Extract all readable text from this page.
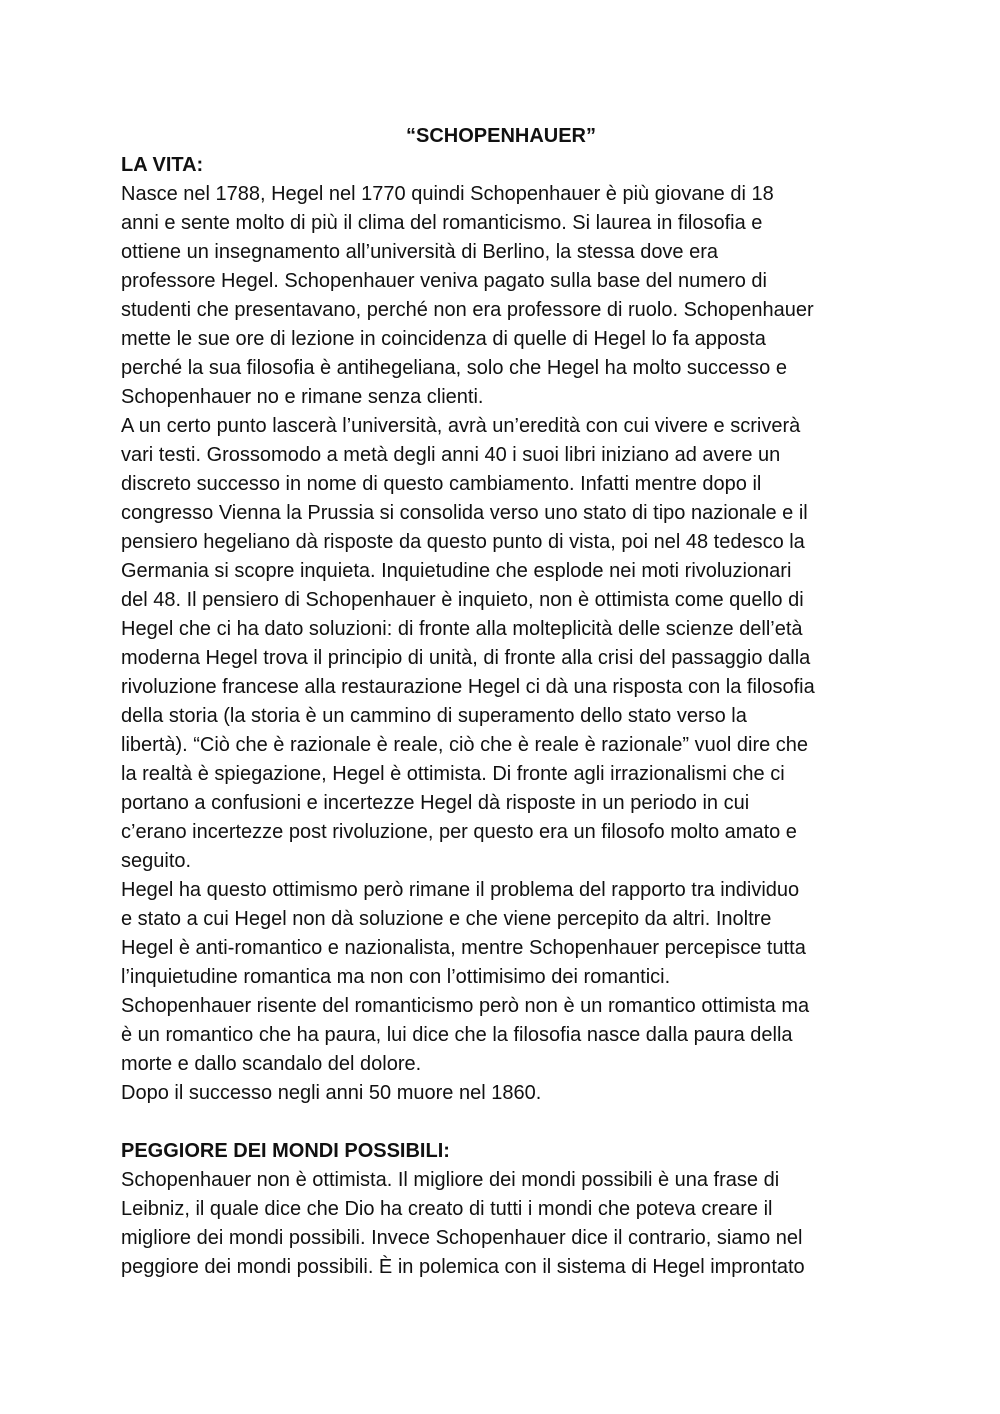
“SCHOPENHAUER”
LA VITA:
Nasce nel 1788, Hegel nel 1770 quindi Schopenhauer è più giovane di 18
anni e sente molto di più il clima del romanticismo. Si laurea in filosofia e
ottiene un insegnamento all’università di Berlino, la stessa dove era
professore Hegel. Schopenhauer veniva pagato sulla base del numero di
studenti che presentavano, perché non era professore di ruolo. Schopenhauer
mette le sue ore di lezione in coincidenza di quelle di Hegel lo fa apposta
perché la sua filosofia è antihegeliana, solo che Hegel ha molto successo e
Schopenhauer no e rimane senza clienti.
A un certo punto lascerà l’università, avrà un’eredità con cui vivere e scriverà
vari testi. Grossomodo a metà degli anni 40 i suoi libri iniziano ad avere un
discreto successo in nome di questo cambiamento. Infatti mentre dopo il
congresso Vienna la Prussia si consolida verso uno stato di tipo nazionale e il
pensiero hegeliano dà risposte da questo punto di vista, poi nel 48 tedesco la
Germania si scopre inquieta. Inquietudine che esplode nei moti rivoluzionari
del 48. Il pensiero di Schopenhauer è inquieto, non è ottimista come quello di
Hegel che ci ha dato soluzioni: di fronte alla molteplicità delle scienze dell’età
moderna Hegel trova il principio di unità, di fronte alla crisi del passaggio dalla
rivoluzione francese alla restaurazione Hegel ci dà una risposta con la filosofia
della storia (la storia è un cammino di superamento dello stato verso la
libertà). “Ciò che è razionale è reale, ciò che è reale è razionale” vuol dire che
la realtà è spiegazione, Hegel è ottimista. Di fronte agli irrazionalismi che ci
portano a confusioni e incertezze Hegel dà risposte in un periodo in cui
c’erano incertezze post rivoluzione, per questo era un filosofo molto amato e
seguito.
Hegel ha questo ottimismo però rimane il problema del rapporto tra individuo
e stato a cui Hegel non dà soluzione e che viene percepito da altri. Inoltre
Hegel è anti-romantico e nazionalista, mentre Schopenhauer percepisce tutta
l’inquietudine romantica ma non con l’ottimisimo dei romantici.
Schopenhauer risente del romanticismo però non è un romantico ottimista ma
è un romantico che ha paura, lui dice che la filosofia nasce dalla paura della
morte e dallo scandalo del dolore.
Dopo il successo negli anni 50 muore nel 1860.
PEGGIORE DEI MONDI POSSIBILI:
Schopenhauer non è ottimista. Il migliore dei mondi possibili è una frase di
Leibniz, il quale dice che Dio ha creato di tutti i mondi che poteva creare il
migliore dei mondi possibili. Invece Schopenhauer dice il contrario, siamo nel
peggiore dei mondi possibili. È in polemica con il sistema di Hegel improntato
